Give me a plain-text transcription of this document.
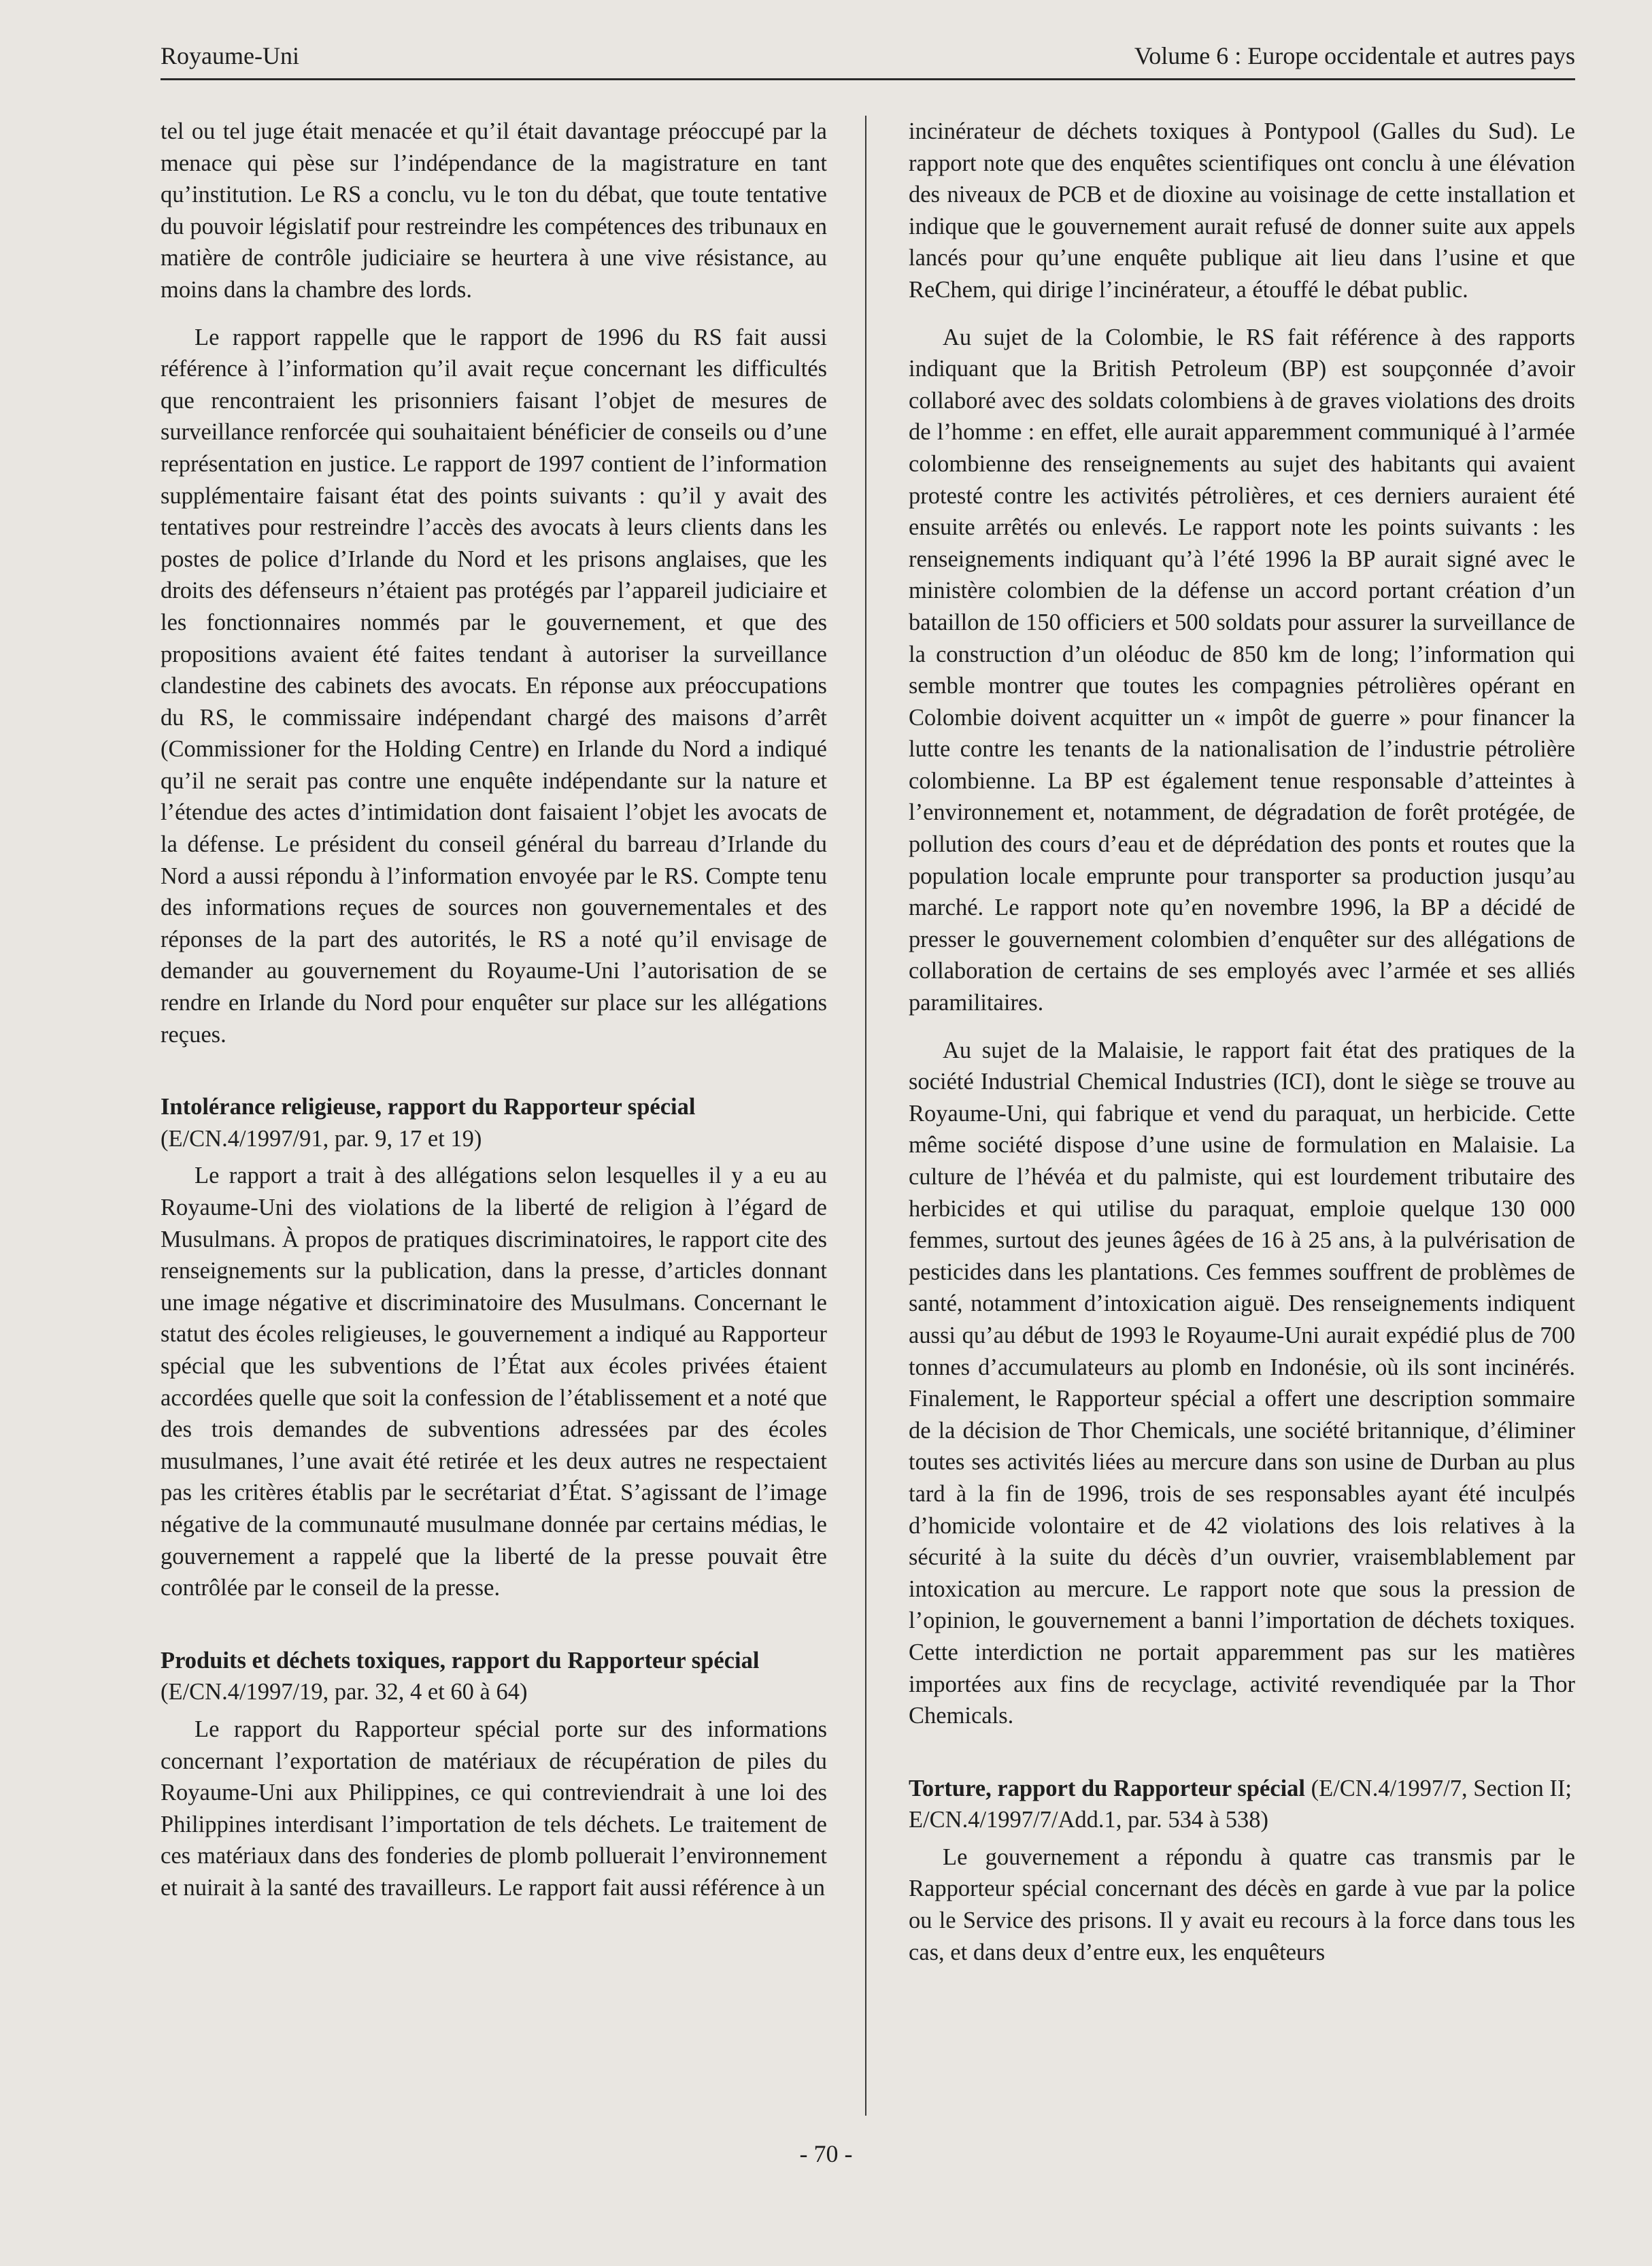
Royaume-Uni	Volume 6 : Europe occidentale et autres pays

tel ou tel juge était menacée et qu’il était davantage préoccupé par la menace qui pèse sur l’indépendance de la magistrature en tant qu’institution. Le RS a conclu, vu le ton du débat, que toute tentative du pouvoir législatif pour restreindre les compétences des tribunaux en matière de contrôle judiciaire se heurtera à une vive résistance, au moins dans la chambre des lords.

Le rapport rappelle que le rapport de 1996 du RS fait aussi référence à l’information qu’il avait reçue concernant les difficultés que rencontraient les prisonniers faisant l’objet de mesures de surveillance renforcée qui souhaitaient bénéficier de conseils ou d’une représentation en justice. Le rapport de 1997 contient de l’information supplémentaire faisant état des points suivants : qu’il y avait des tentatives pour restreindre l’accès des avocats à leurs clients dans les postes de police d’Irlande du Nord et les prisons anglaises, que les droits des défenseurs n’étaient pas protégés par l’appareil judiciaire et les fonctionnaires nommés par le gouvernement, et que des propositions avaient été faites tendant à autoriser la surveillance clandestine des cabinets des avocats. En réponse aux préoccupations du RS, le commissaire indépendant chargé des maisons d’arrêt (Commissioner for the Holding Centre) en Irlande du Nord a indiqué qu’il ne serait pas contre une enquête indépendante sur la nature et l’étendue des actes d’intimidation dont faisaient l’objet les avocats de la défense. Le président du conseil général du barreau d’Irlande du Nord a aussi répondu à l’information envoyée par le RS. Compte tenu des informations reçues de sources non gouvernementales et des réponses de la part des autorités, le RS a noté qu’il envisage de demander au gouvernement du Royaume-Uni l’autorisation de se rendre en Irlande du Nord pour enquêter sur place sur les allégations reçues.

Intolérance religieuse, rapport du Rapporteur spécial
(E/CN.4/1997/91, par. 9, 17 et 19)

Le rapport a trait à des allégations selon lesquelles il y a eu au Royaume-Uni des violations de la liberté de religion à l’égard de Musulmans. À propos de pratiques discriminatoires, le rapport cite des renseignements sur la publication, dans la presse, d’articles donnant une image négative et discriminatoire des Musulmans. Concernant le statut des écoles religieuses, le gouvernement a indiqué au Rapporteur spécial que les subventions de l’État aux écoles privées étaient accordées quelle que soit la confession de l’établissement et a noté que des trois demandes de subventions adressées par des écoles musulmanes, l’une avait été retirée et les deux autres ne respectaient pas les critères établis par le secrétariat d’État. S’agissant de l’image négative de la communauté musulmane donnée par certains médias, le gouvernement a rappelé que la liberté de la presse pouvait être contrôlée par le conseil de la presse.

Produits et déchets toxiques, rapport du Rapporteur spécial (E/CN.4/1997/19, par. 32, 4 et 60 à 64)

Le rapport du Rapporteur spécial porte sur des informations concernant l’exportation de matériaux de récupération de piles du Royaume-Uni aux Philippines, ce qui contreviendrait à une loi des Philippines interdisant l’importation de tels déchets. Le traitement de ces matériaux dans des fonderies de plomb polluerait l’environnement et nuirait à la santé des travailleurs. Le rapport fait aussi référence à un

incinérateur de déchets toxiques à Pontypool (Galles du Sud). Le rapport note que des enquêtes scientifiques ont conclu à une élévation des niveaux de PCB et de dioxine au voisinage de cette installation et indique que le gouvernement aurait refusé de donner suite aux appels lancés pour qu’une enquête publique ait lieu dans l’usine et que ReChem, qui dirige l’incinérateur, a étouffé le débat public.

Au sujet de la Colombie, le RS fait référence à des rapports indiquant que la British Petroleum (BP) est soupçonnée d’avoir collaboré avec des soldats colombiens à de graves violations des droits de l’homme : en effet, elle aurait apparemment communiqué à l’armée colombienne des renseignements au sujet des habitants qui avaient protesté contre les activités pétrolières, et ces derniers auraient été ensuite arrêtés ou enlevés. Le rapport note les points suivants : les renseignements indiquant qu’à l’été 1996 la BP aurait signé avec le ministère colombien de la défense un accord portant création d’un bataillon de 150 officiers et 500 soldats pour assurer la surveillance de la construction d’un oléoduc de 850 km de long; l’information qui semble montrer que toutes les compagnies pétrolières opérant en Colombie doivent acquitter un « impôt de guerre » pour financer la lutte contre les tenants de la nationalisation de l’industrie pétrolière colombienne. La BP est également tenue responsable d’atteintes à l’environnement et, notamment, de dégradation de forêt protégée, de pollution des cours d’eau et de déprédation des ponts et routes que la population locale emprunte pour transporter sa production jusqu’au marché. Le rapport note qu’en novembre 1996, la BP a décidé de presser le gouvernement colombien d’enquêter sur des allégations de collaboration de certains de ses employés avec l’armée et ses alliés paramilitaires.

Au sujet de la Malaisie, le rapport fait état des pratiques de la société Industrial Chemical Industries (ICI), dont le siège se trouve au Royaume-Uni, qui fabrique et vend du paraquat, un herbicide. Cette même société dispose d’une usine de formulation en Malaisie. La culture de l’hévéa et du palmiste, qui est lourdement tributaire des herbicides et qui utilise du paraquat, emploie quelque 130 000 femmes, surtout des jeunes âgées de 16 à 25 ans, à la pulvérisation de pesticides dans les plantations. Ces femmes souffrent de problèmes de santé, notamment d’intoxication aiguë. Des renseignements indiquent aussi qu’au début de 1993 le Royaume-Uni aurait expédié plus de 700 tonnes d’accumulateurs au plomb en Indonésie, où ils sont incinérés. Finalement, le Rapporteur spécial a offert une description sommaire de la décision de Thor Chemicals, une société britannique, d’éliminer toutes ses activités liées au mercure dans son usine de Durban au plus tard à la fin de 1996, trois de ses responsables ayant été inculpés d’homicide volontaire et de 42 violations des lois relatives à la sécurité à la suite du décès d’un ouvrier, vraisemblablement par intoxication au mercure. Le rapport note que sous la pression de l’opinion, le gouvernement a banni l’importation de déchets toxiques. Cette interdiction ne portait apparemment pas sur les matières importées aux fins de recyclage, activité revendiquée par la Thor Chemicals.

Torture, rapport du Rapporteur spécial (E/CN.4/1997/7, Section II; E/CN.4/1997/7/Add.1, par. 534 à 538)

Le gouvernement a répondu à quatre cas transmis par le Rapporteur spécial concernant des décès en garde à vue par la police ou le Service des prisons. Il y avait eu recours à la force dans tous les cas, et dans deux d’entre eux, les enquêteurs

- 70 -
